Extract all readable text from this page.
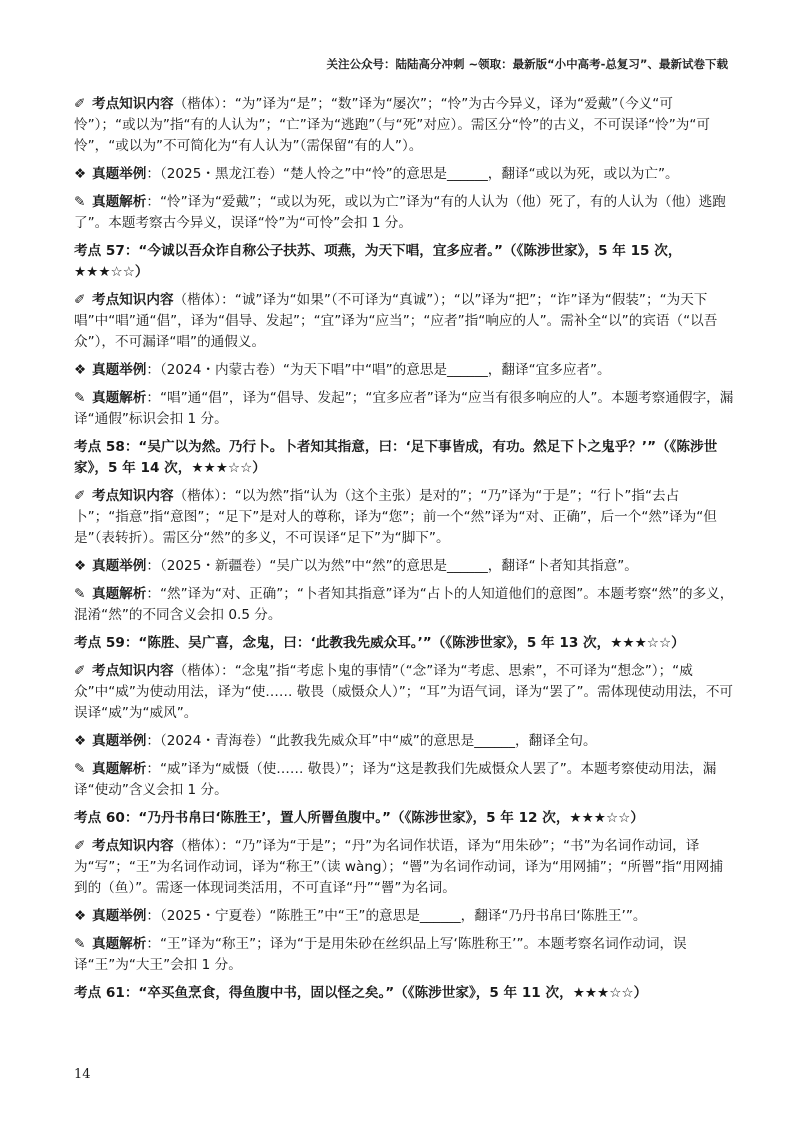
关注公众号：陆陆高分冲刺 ~领取：最新版“小中高考-总复习”、最新试卷下载

✐ 考点知识内容（楷体）：“为”译为“是”；“数”译为“屡次”；“怜”为古今异义，译为“爱戴”（今义“可怜”）；“或以为”指“有的人认为”；“亡”译为“逃跑”（与“死”对应）。需区分“怜”的古义，不可误译“怜”为“可怜”，“或以为”不可简化为“有人认为”（需保留“有的人”）。

❖ 真题举例：（2025・黑龙江卷）“楚人怜之”中“怜”的意思是______，翻译“或以为死，或以为亡”。

✎ 真题解析：“怜”译为“爱戴”；“或以为死，或以为亡”译为“有的人认为（他）死了，有的人认为（他）逃跑了”。本题考察古今异义，误译“怜”为“可怜”会扣 1 分。

考点 57：“今诚以吾众诈自称公子扶苏、项燕，为天下唱，宜多应者。”（《陈涉世家》，5 年 15 次，★★★☆☆）

✐ 考点知识内容（楷体）：“诚”译为“如果”（不可译为“真诚”）；“以”译为“把”；“诈”译为“假装”；“为天下唱”中“唱”通“倡”，译为“倡导、发起”；“宜”译为“应当”；“应者”指“响应的人”。需补全“以”的宾语（“以吾众”），不可漏译“唱”的通假义。

❖ 真题举例：（2024・内蒙古卷）“为天下唱”中“唱”的意思是______，翻译“宜多应者”。

✎ 真题解析：“唱”通“倡”，译为“倡导、发起”；“宜多应者”译为“应当有很多响应的人”。本题考察通假字，漏译“通假”标识会扣 1 分。

考点 58：“吴广以为然。乃行卜。卜者知其指意，曰：‘足下事皆成，有功。然足下卜之鬼乎？’”（《陈涉世家》，5 年 14 次，★★★☆☆）

✐ 考点知识内容（楷体）：“以为然”指“认为（这个主张）是对的”；“乃”译为“于是”；“行卜”指“去占卜”；“指意”指“意图”；“足下”是对人的尊称，译为“您”；前一个“然”译为“对、正确”，后一个“然”译为“但是”（表转折）。需区分“然”的多义，不可误译“足下”为“脚下”。

❖ 真题举例：（2025・新疆卷）“吴广以为然”中“然”的意思是______，翻译“卜者知其指意”。

✎ 真题解析：“然”译为“对、正确”；“卜者知其指意”译为“占卜的人知道他们的意图”。本题考察“然”的多义，混淆“然”的不同含义会扣 0.5 分。

考点 59：“陈胜、吴广喜，念鬼，曰：‘此教我先威众耳。’”（《陈涉世家》，5 年 13 次，★★★☆☆）

✐ 考点知识内容（楷体）：“念鬼”指“考虑卜鬼的事情”（“念”译为“考虑、思索”，不可译为“想念”）；“威众”中“威”为使动用法，译为“使…… 敬畏（威慑众人）”；“耳”为语气词，译为“罢了”。需体现使动用法，不可误译“威”为“威风”。

❖ 真题举例：（2024・青海卷）“此教我先威众耳”中“威”的意思是______，翻译全句。

✎ 真题解析：“威”译为“威慑（使…… 敬畏）”；译为“这是教我们先威慑众人罢了”。本题考察使动用法，漏译“使动”含义会扣 1 分。

考点 60：“乃丹书帛曰‘陈胜王’，置人所罾鱼腹中。”（《陈涉世家》，5 年 12 次，★★★☆☆）

✐ 考点知识内容（楷体）：“乃”译为“于是”；“丹”为名词作状语，译为“用朱砂”；“书”为名词作动词，译为“写”；“王”为名词作动词，译为“称王”（读 wàng）；“罾”为名词作动词，译为“用网捕”；“所罾”指“用网捕到的（鱼）”。需逐一体现词类活用，不可直译“丹”“罾”为名词。

❖ 真题举例：（2025・宁夏卷）“陈胜王”中“王”的意思是______，翻译“乃丹书帛曰‘陈胜王’”。

✎ 真题解析：“王”译为“称王”；译为“于是用朱砂在丝织品上写‘陈胜称王’”。本题考察名词作动词，误译“王”为“大王”会扣 1 分。

考点 61：“卒买鱼烹食，得鱼腹中书，固以怪之矣。”（《陈涉世家》，5 年 11 次，★★★☆☆）

14
